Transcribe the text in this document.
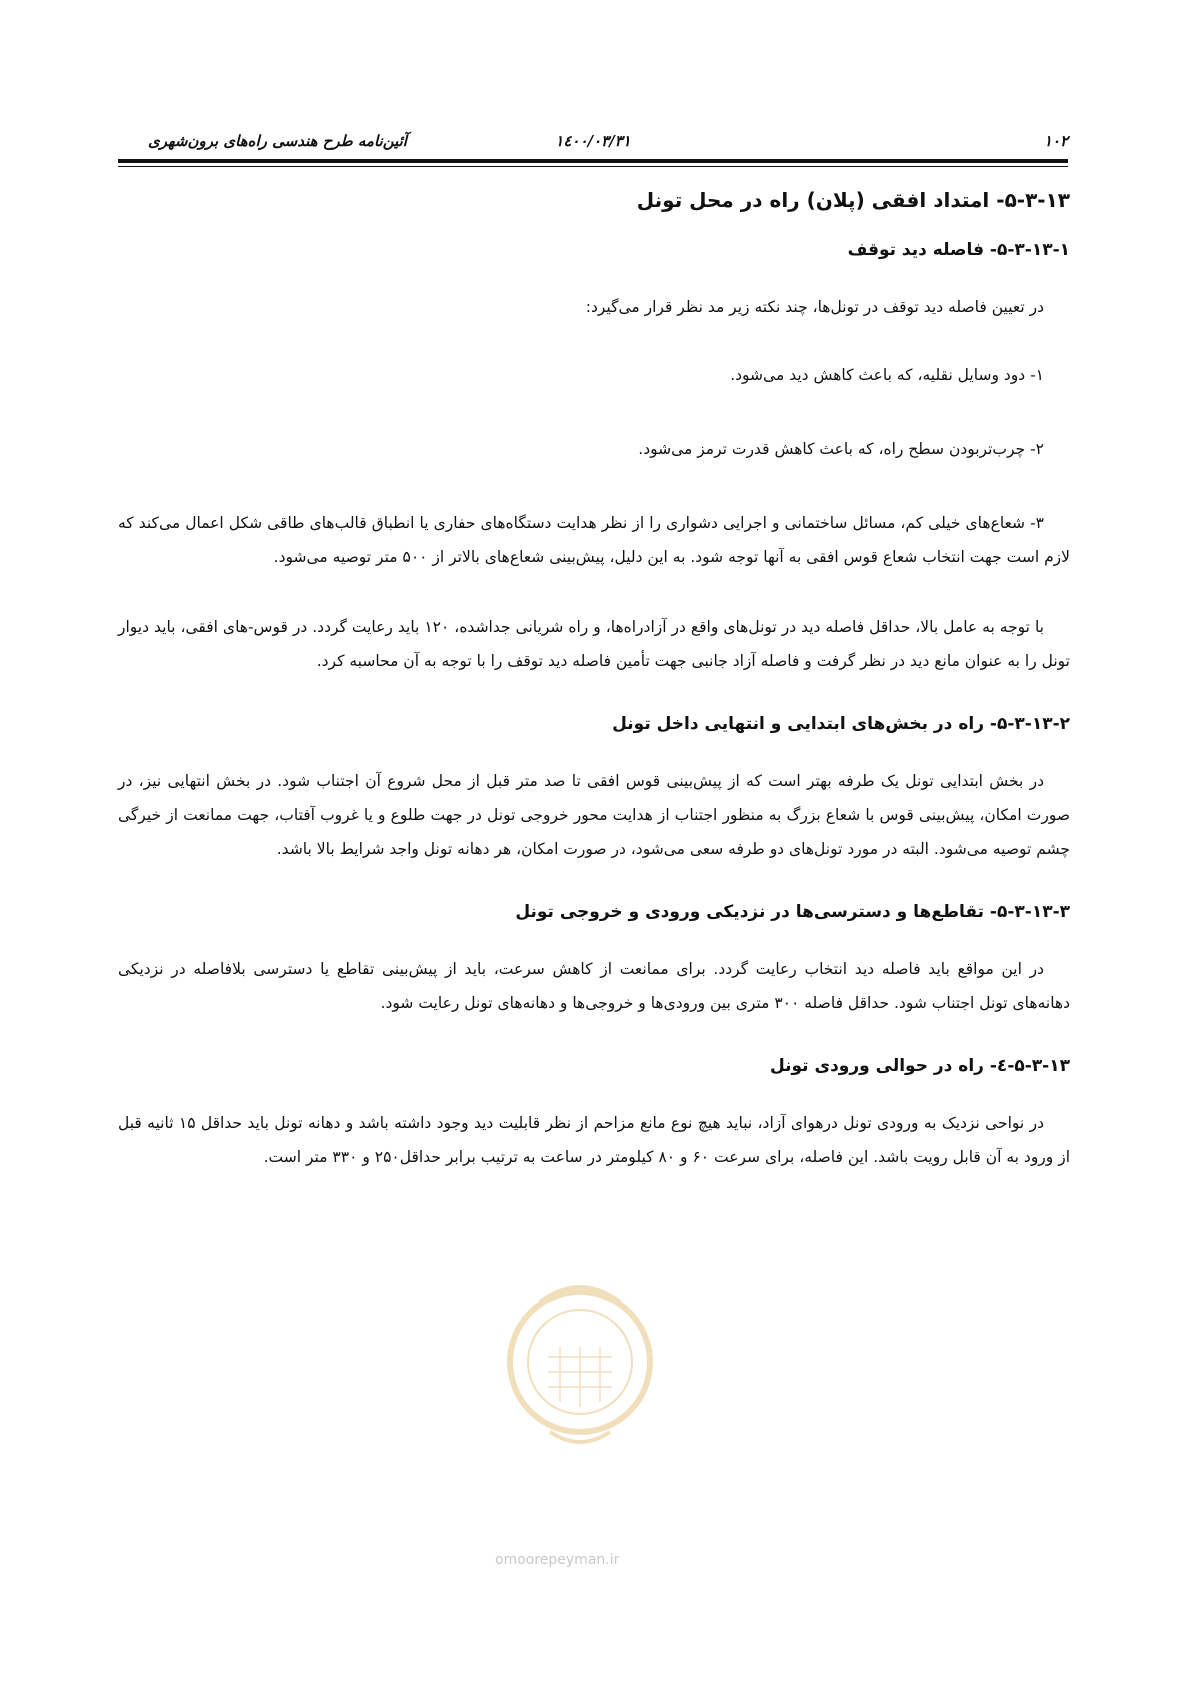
۱۰۲
۱٤۰۰/۰۳/۳۱
آئین‌نامه طرح هندسی راه‌های برون‌شهری
۵-۳-۱۳- امتداد افقی (پلان) راه در محل تونل
۵-۳-۱۳-۱- فاصله دید توقف

در تعیین فاصله دید توقف در تونل‌ها، چند نکته زیر مد نظر قرار می‌گیرد:

۱- دود وسایل نقلیه، که باعث کاهش دید می‌شود.

۲- چرب‌تربودن سطح راه، که باعث کاهش قدرت ترمز می‌شود.

۳- شعاع‌های خیلی کم، مسائل ساختمانی و اجرایی دشواری را از نظر هدایت دستگاه‌های حفاری یا انطباق قالب‌های طاقی شکل اعمال می‌کند که لازم است جهت انتخاب شعاع قوس افقی به آنها توجه شود. به این دلیل، پیش‌بینی شعاع‌های بالاتر از ۵۰۰ متر توصیه می‌شود.

با توجه به عامل بالا، حداقل فاصله دید در تونل‌های واقع در آزادراه‌ها، و راه شریانی جداشده، ۱۲۰ باید رعایت گردد. در قوس-های افقی، باید دیوار تونل را به عنوان مانع دید در نظر گرفت و فاصله آزاد جانبی جهت تأمین فاصله دید توقف را با توجه به آن محاسبه کرد.

۵-۳-۱۳-۲- راه در بخش‌های ابتدایی و انتهایی داخل تونل

در بخش ابتدایی تونل یک طرفه بهتر است که از پیش‌بینی قوس افقی تا صد متر قبل از محل شروع آن اجتناب شود. در بخش انتهایی نیز، در صورت امکان، پیش‌بینی قوس با شعاع بزرگ به منظور اجتناب از هدایت محور خروجی تونل در جهت طلوع و یا غروب آفتاب، جهت ممانعت از خیرگی چشم توصیه می‌شود. البته در مورد تونل‌های دو طرفه سعی می‌شود، در صورت امکان، هر دهانه تونل واجد شرایط بالا باشد.

۵-۳-۱۳-۳- تقاطع‌ها و دسترسی‌ها در نزدیکی ورودی و خروجی تونل

در این مواقع باید فاصله دید انتخاب رعایت گردد. برای ممانعت از کاهش سرعت، باید از پیش‌بینی تقاطع یا دسترسی بلافاصله در نزدیکی دهانه‌های تونل اجتناب شود. حداقل فاصله ۳۰۰ متری بین ورودی‌ها و خروجی‌ها و دهانه‌های تونل رعایت شود.

۵-۳-۱۳-٤- راه در حوالی ورودی تونل

در نواحی نزدیک به ورودی تونل درهوای آزاد، نباید هیچ نوع مانع مزاحم از نظر قابلیت دید وجود داشته باشد و دهانه تونل باید حداقل ۱۵ ثانیه قبل از ورود به آن قابل رویت باشد. این فاصله، برای سرعت ۶۰ و ۸۰ کیلومتر در ساعت به ترتیب برابر حداقل۲۵۰ و ۳۳۰ متر است.

omoorepeyman.ir
